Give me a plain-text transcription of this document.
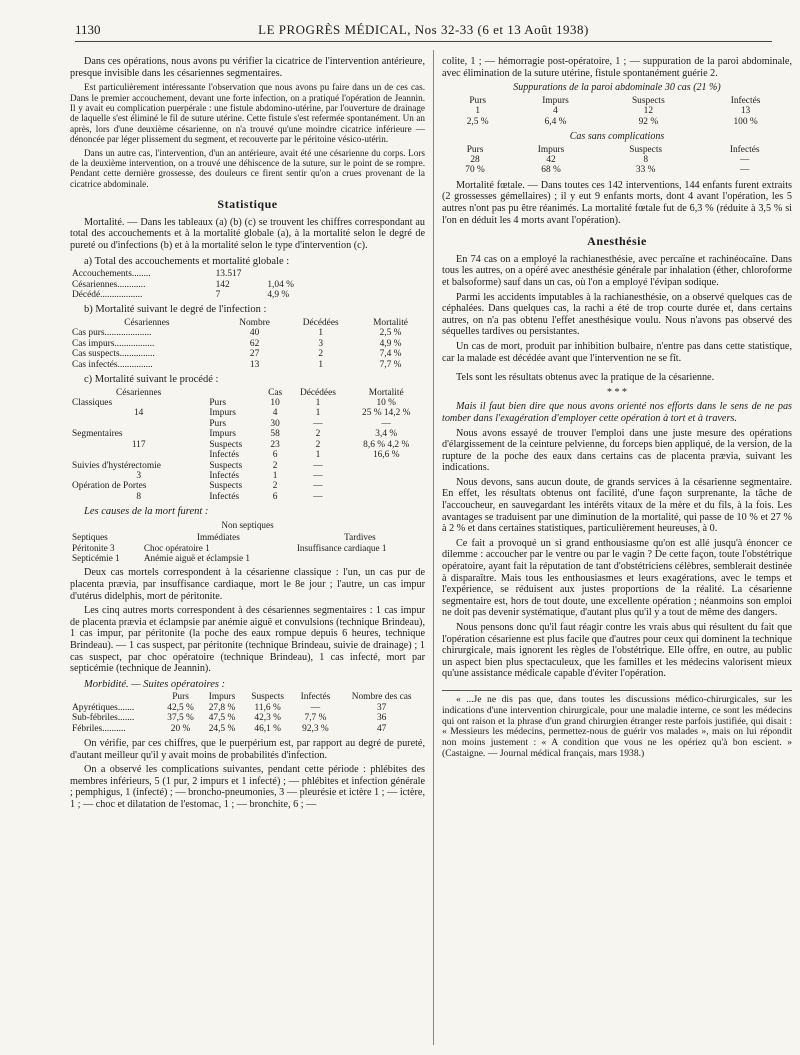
1130	LE PROGRÈS MÉDICAL, Nos 32-33 (6 et 13 Août 1938)

Dans ces opérations, nous avons pu vérifier la cicatrice de l'intervention antérieure, presque invisible dans les césariennes segmentaires.

Est particulièrement intéressante l'observation que nous avons pu faire dans un de ces cas. Dans le premier accouchement, devant une forte infection, on a pratiqué l'opération de Jeannin. Il y avait eu complication puerpérale : une fistule abdomino-utérine, par l'ouverture de drainage de laquelle s'est éliminé le fil de suture utérine. Cette fistule s'est refermée spontanément. Un an après, lors d'une deuxième césarienne, on n'a trouvé qu'une moindre cicatrice inférieure — dénoncée par léger plissement du segment, et recouverte par le péritoine vésico-utérin.

Dans un autre cas, l'intervention, d'un an antérieure, avait été une césarienne du corps. Lors de la deuxième intervention, on a trouvé une déhiscence de la suture, sur le point de se rompre. Pendant cette dernière grossesse, des douleurs ce firent sentir qu'on a crues provenant de la cicatrice abdominale.

Statistique

Mortalité. — Dans les tableaux (a) (b) (c) se trouvent les chiffres correspondant au total des accouchements et à la mortalité globale (a), à la mortalité selon le degré de pureté ou d'infections (b) et à la mortalité selon le type d'intervention (c).

a) Total des accouchements et mortalité globale :
Accouchements........	13.517	
Césariennes............	142	1,04 %
Décédé..................	7	4,9 %
b) Mortalité suivant le degré de l'infection :
Césariennes	Nombre	Décédées	Mortalité
Cas purs....................	40	1	2,5 %
Cas impurs.................	62	3	4,9 %
Cas suspects...............	27	2	7,4 %
Cas infectés...............	13	1	7,7 %
c) Mortalité suivant le procédé :
Césariennes		Cas	Décédées	Mortalité
Classiques	Purs	10	1	10 %
14	Impurs	4	1	25 % 14,2 %
	Purs	30	—	—
Segmentaires	Impurs	58	2	3,4 %
117	Suspects	23	2	8,6 % 4,2 %
	Infectés	6	1	16,6 %
Suivies d'hystérectomie	Suspects	2	—	
3	Infectés	1	—	
Opération de Portes	Suspects	2	—	
8	Infectés	6	—	
Les causes de la mort furent :
Non septiques
Septiques	Immédiates	Tardives
Péritonite 3	Choc opératoire 1	Insuffisance cardiaque 1
Septicémie 1	Anémie aiguë et éclampsie 1	

Deux cas mortels correspondent à la césarienne classique : l'un, un cas pur de placenta prævia, par insuffisance cardiaque, mort le 8e jour ; l'autre, un cas impur d'utérus didelphis, mort de péritonite.

Les cinq autres morts correspondent à des césariennes segmentaires : 1 cas impur de placenta prævia et éclampsie par anémie aiguë et convulsions (technique Brindeau), 1 cas impur, par péritonite (la poche des eaux rompue depuis 6 heures, technique Brindeau). — 1 cas suspect, par péritonite (technique Brindeau, suivie de drainage) ; 1 cas suspect, par choc opératoire (technique Brindeau), 1 cas infecté, mort par septicémie (technique de Jeannin).

Morbidité. — Suites opératoires :
	Purs	Impurs	Suspects	Infectés	Nombre des cas
Apyrétiques.......	42,5 %	27,8 %	11,6 %	—	37
Sub-fébriles.......	37,5 %	47,5 %	42,3 %	7,7 %	36
Fébriles..........	20 %	24,5 %	46,1 %	92,3 %	47

On vérifie, par ces chiffres, que le puerpérium est, par rapport au degré de pureté, d'autant meilleur qu'il y avait moins de probabilités d'infection.

On a observé les complications suivantes, pendant cette période : phlébites des membres inférieurs, 5 (1 pur, 2 impurs et 1 infecté) ; — phlébites et infection générale ; pemphigus, 1 (infecté) ; — broncho-pneumonies, 3 — pleurésie et ictère 1 ; — ictère, 1 ; — choc et dilatation de l'estomac, 1 ; — bronchite, 6 ; —

colite, 1 ; — hémorragie post-opératoire, 1 ; — suppuration de la paroi abdominale, avec élimination de la suture utérine, fistule spontanément guérie 2.

Suppurations de la paroi abdominale 30 cas (21 %)
Purs	Impurs	Suspects	Infectés
1	4	12	13
2,5 %	6,4 %	92 %	100 %
Cas sans complications
Purs	Impurs	Suspects	Infectés
28	42	8	—
70 %	68 %	33 %	—

Mortalité fœtale. — Dans toutes ces 142 interventions, 144 enfants furent extraits (2 grossesses gémellaires) ; il y eut 9 enfants morts, dont 4 avant l'opération, les 5 autres n'ont pas pu être réanimés. La mortalité fœtale fut de 6,3 % (réduite à 3,5 % si l'on en déduit les 4 morts avant l'opération).

Anesthésie

En 74 cas on a employé la rachianesthésie, avec percaïne et rachinéocaïne. Dans tous les autres, on a opéré avec anesthésie générale par inhalation (éther, chloroforme et balsoforme) sauf dans un cas, où l'on a employé l'évipan sodique.

Parmi les accidents imputables à la rachianesthésie, on a observé quelques cas de céphalées. Dans quelques cas, la rachi a été de trop courte durée et, dans certains autres, on n'a pas obtenu l'effet anesthésique voulu. Nous n'avons pas observé des séquelles tardives ou persistantes.

Un cas de mort, produit par inhibition bulbaire, n'entre pas dans cette statistique, car la malade est décédée avant que l'intervention ne se fît.

Tels sont les résultats obtenus avec la pratique de la césarienne.

* * *

Mais il faut bien dire que nous avons orienté nos efforts dans le sens de ne pas tomber dans l'exagération d'employer cette opération à tort et à travers.

Nous avons essayé de trouver l'emploi dans une juste mesure des opérations d'élargissement de la ceinture pelvienne, du forceps bien appliqué, de la version, de la rupture de la poche des eaux dans certains cas de placenta prævia, suivant les indications.

Nous devons, sans aucun doute, de grands services à la césarienne segmentaire. En effet, les résultats obtenus ont facilité, d'une façon surprenante, la tâche de l'accoucheur, en sauvegardant les intérêts vitaux de la mère et du fils, à la fois. Les avantages se traduisent par une diminution de la mortalité, qui passe de 10 % et 27 % à 2 % et dans certaines statistiques, particulièrement heureuses, à 0.

Ce fait a provoqué un si grand enthousiasme qu'on est allé jusqu'à énoncer ce dilemme : accoucher par le ventre ou par le vagin ? De cette façon, toute l'obstétrique opératoire, ayant fait la réputation de tant d'obstétriciens célèbres, semblerait destinée à disparaître. Mais tous les enthousiasmes et leurs exagérations, avec le temps et l'expérience, se réduisent aux justes proportions de la réalité. La césarienne segmentaire est, hors de tout doute, une excellente opération ; néanmoins son emploi ne doit pas devenir systématique, d'autant plus qu'il y a tout de même des dangers.

Nous pensons donc qu'il faut réagir contre les vrais abus qui résultent du fait que l'opération césarienne est plus facile que d'autres pour ceux qui dominent la technique chirurgicale, mais ignorent les règles de l'obstétrique. Elle offre, en outre, au public un aspect bien plus spectaculeux, que les familles et les médecins valorisent mieux qu'une assistance médicale capable d'éviter l'opération.

« ...Je ne dis pas que, dans toutes les discussions médico-chirurgicales, sur les indications d'une intervention chirurgicale, pour une maladie interne, ce sont les médecins qui ont raison et la phrase d'un grand chirurgien étranger reste parfois justifiée, qui disait : « Messieurs les médecins, permettez-nous de guérir vos malades », mais on lui répondit non moins justement : « A condition que vous ne les opériez qu'à bon escient. » (Castaigne. — Journal médical français, mars 1938.)
